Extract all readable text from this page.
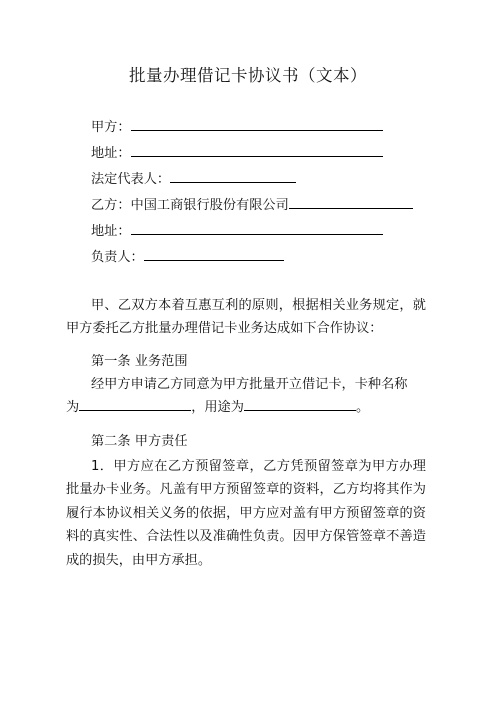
批量办理借记卡协议书（文本）
甲方：
地址：
法定代表人：
乙方：中国工商银行股份有限公司
地址：
负责人：
甲、乙双方本着互惠互利的原则，根据相关业务规定，就甲方委托乙方批量办理借记卡业务达成如下合作协议：
第一条 业务范围
经甲方申请乙方同意为甲方批量开立借记卡，卡种名称
为	，用途为	。
第二条 甲方责任
1．甲方应在乙方预留签章，乙方凭预留签章为甲方办理批量办卡业务。凡盖有甲方预留签章的资料，乙方均将其作为履行本协议相关义务的依据，甲方应对盖有甲方预留签章的资料的真实性、合法性以及准确性负责。因甲方保管签章不善造成的损失，由甲方承担。
